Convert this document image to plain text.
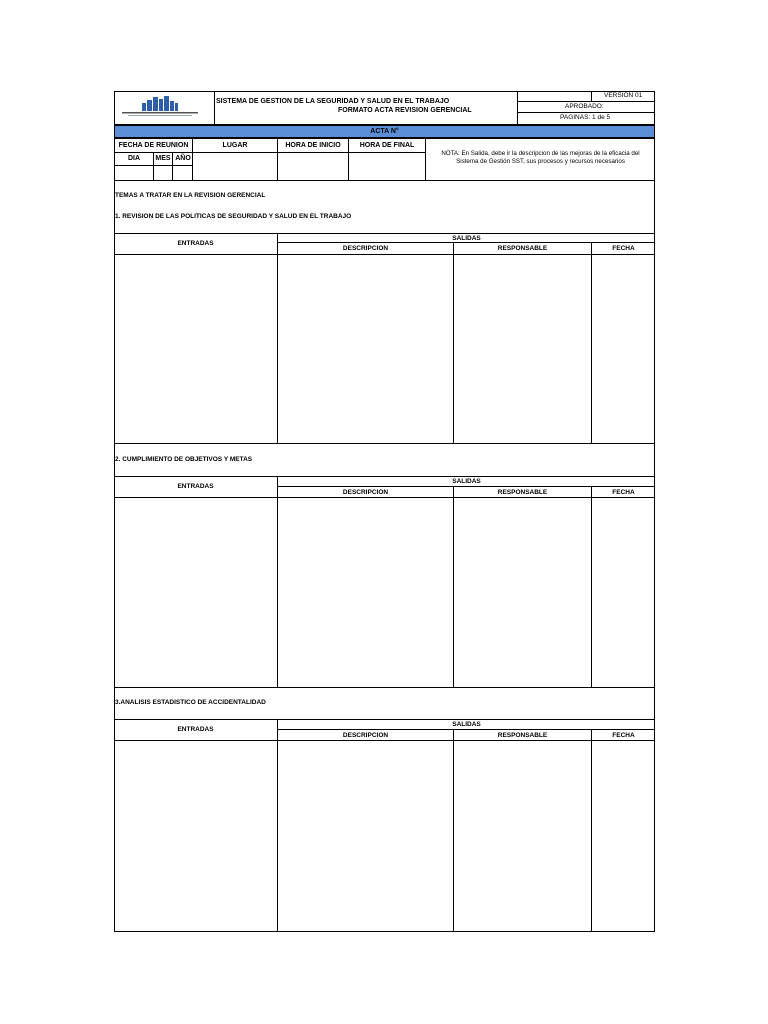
SISTEMA DE GESTION DE LA SEGURIDAD Y SALUD EN EL TRABAJO
FORMATO ACTA REVISION GERENCIAL
VERSION 01
APROBADO:
PAGINAS: 1 de 5
ACTA N°
FECHA DE REUNION	LUGAR	HORA DE INICIO	HORA DE FINAL
DIA	MES AÑO
NOTA: En Salida, debe ir la descripcion de las mejoras de la eficacia del
Sistema de Gestión SST, sus procesos y recursos necesarios
TEMAS A TRATAR EN LA REVISION GERENCIAL
1. REVISION DE LAS POLITICAS DE SEGURIDAD Y SALUD EN EL TRABAJO
ENTRADAS
SALIDAS
DESCRIPCION	RESPONSABLE	FECHA
2. CUMPLIMIENTO DE OBJETIVOS Y METAS
ENTRADAS
SALIDAS
DESCRIPCION	RESPONSABLE	FECHA
3.ANALISIS ESTADISTICO DE ACCIDENTALIDAD
ENTRADAS
SALIDAS
DESCRIPCION	RESPONSABLE	FECHA
